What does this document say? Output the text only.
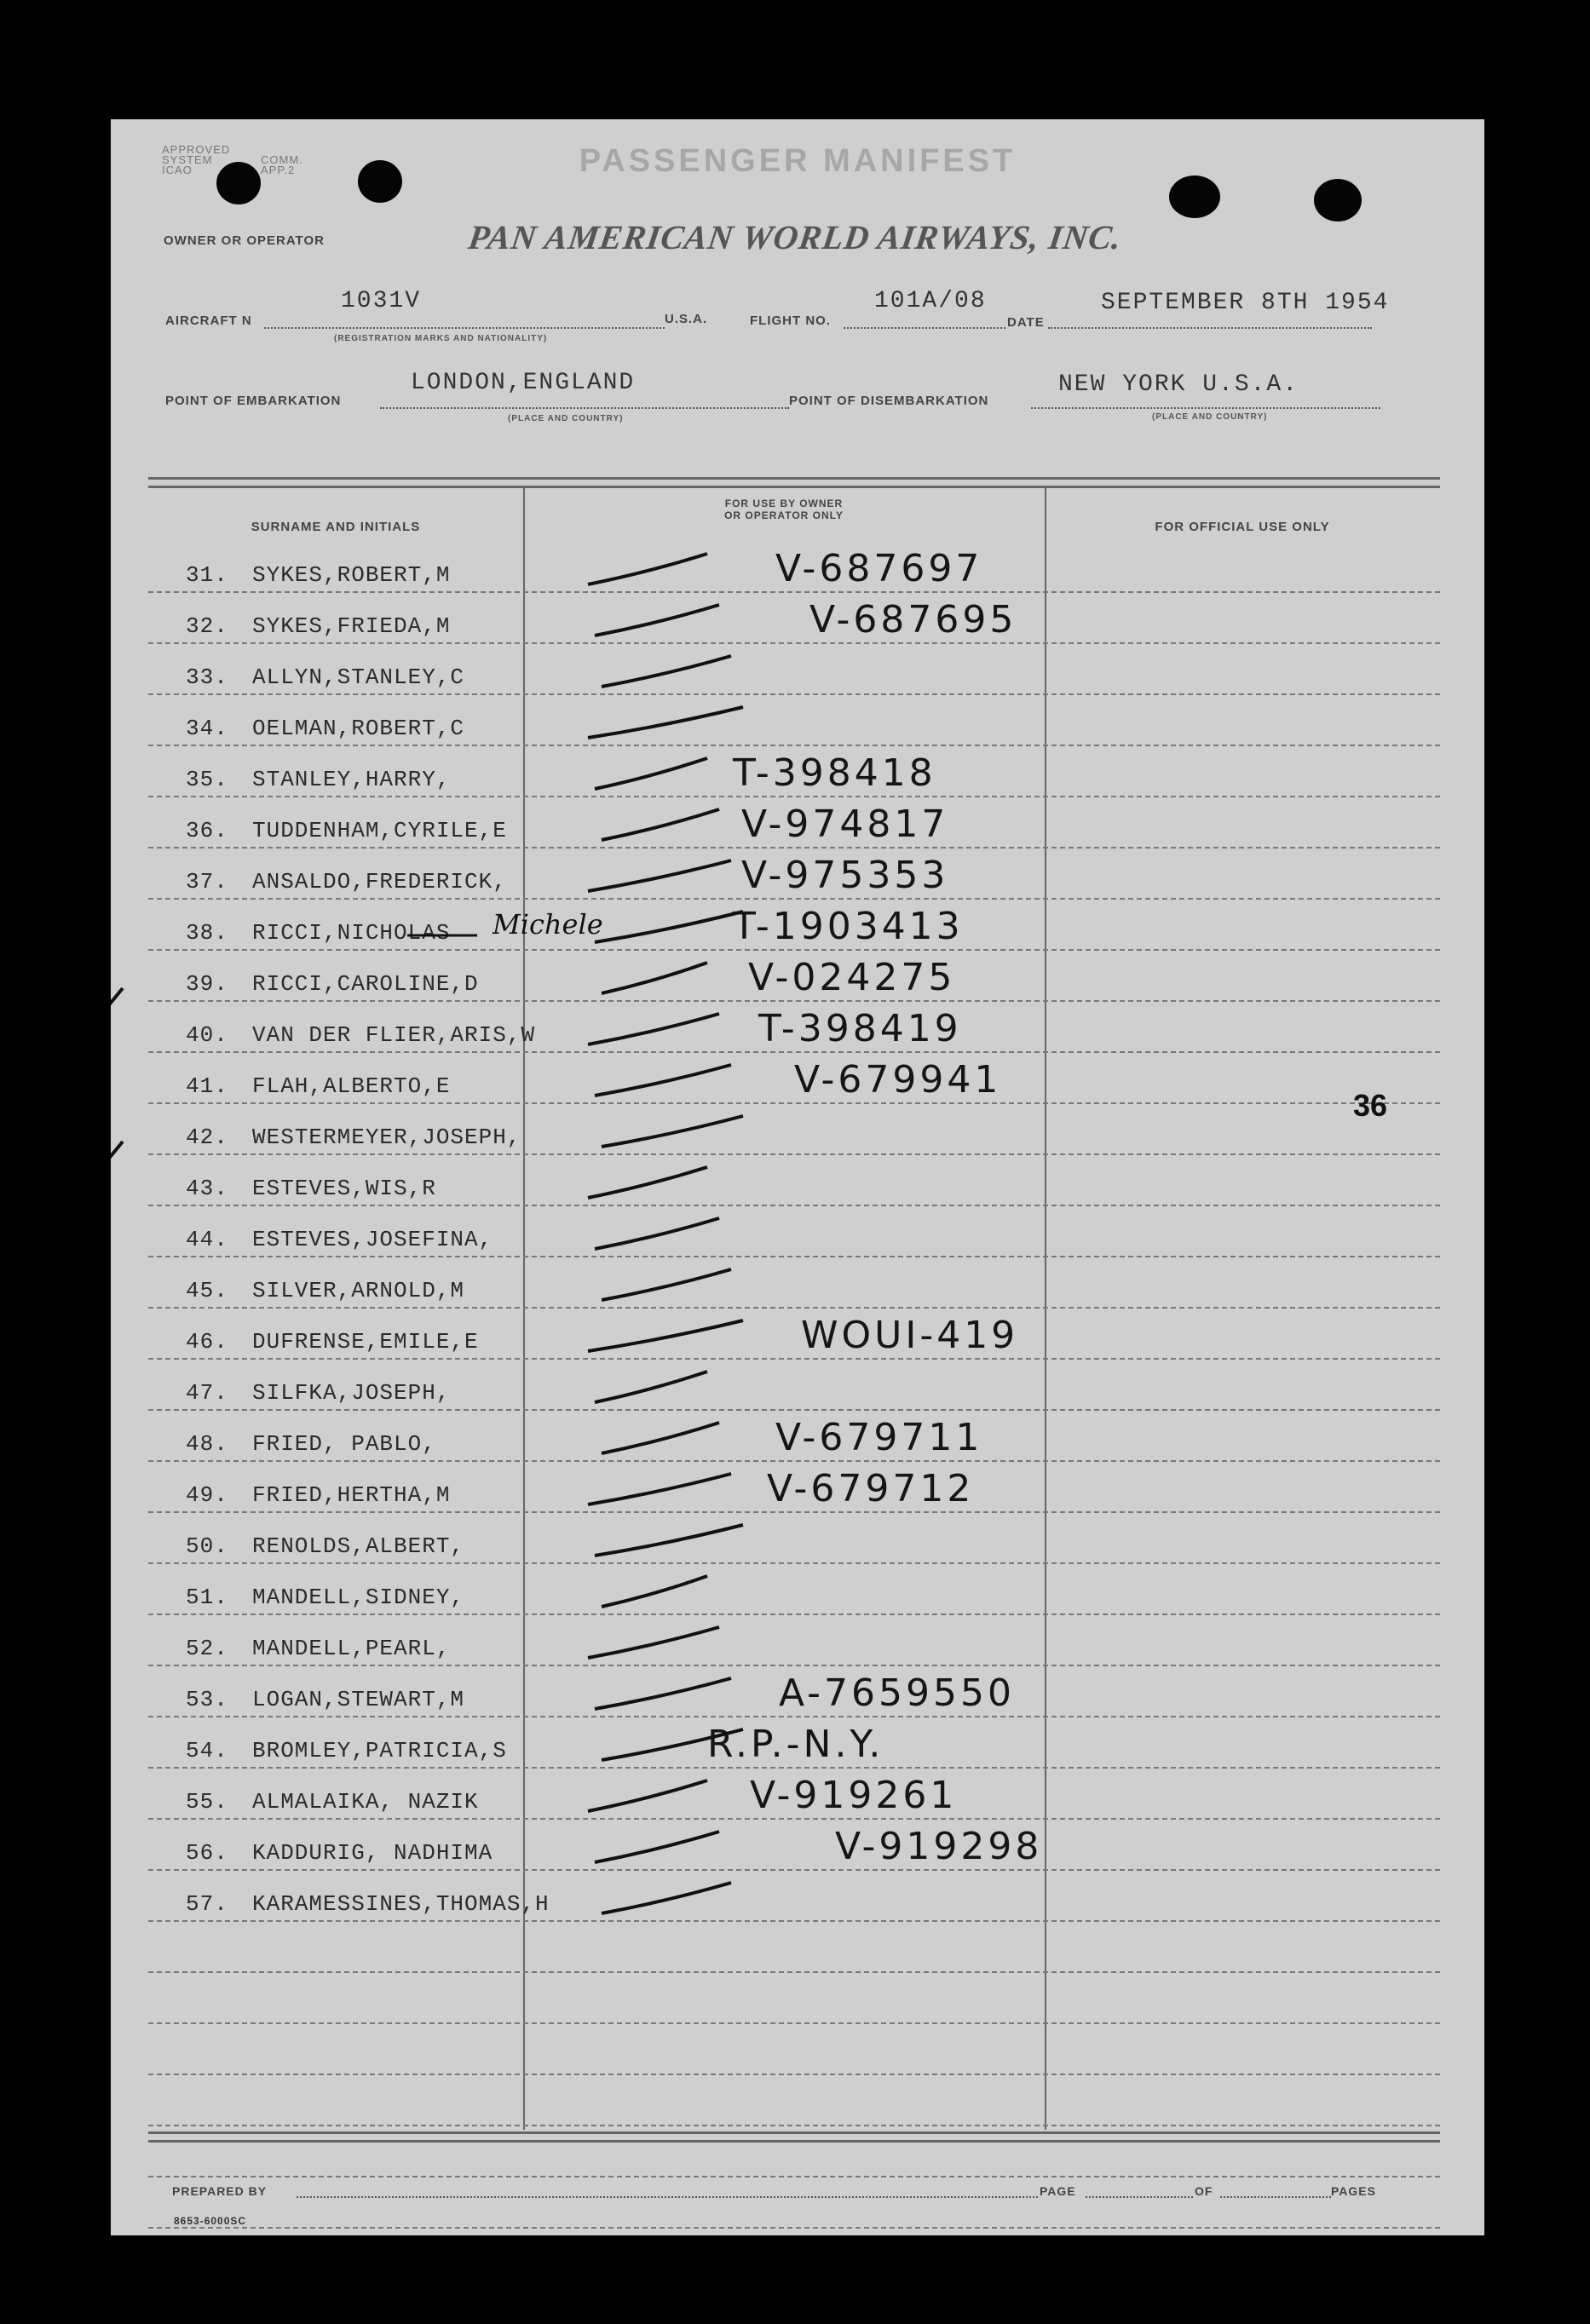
APPROVED
SYSTEM
ICAO
COMM.
APP.2	PASSENGER MANIFEST
OWNER OR OPERATOR	PAN AMERICAN WORLD AIRWAYS, INC.
AIRCRAFT N
1031V
(REGISTRATION MARKS AND NATIONALITY)
U.S.A.	FLIGHT NO.
101A/08
DATE
SEPTEMBER 8TH 1954
POINT OF EMBARKATION
LONDON,ENGLAND
(PLACE AND COUNTRY)
POINT OF DISEMBARKATION
NEW YORK U.S.A.
(PLACE AND COUNTRY)
SURNAME AND INITIALS
FOR USE BY OWNER
OR OPERATOR ONLY
FOR OFFICIAL USE ONLY
31. SYKES,ROBERT,M	V-687697
32. SYKES,FRIEDA,M	V-687695
33. ALLYN,STANLEY,C
34. OELMAN,ROBERT,C
35. STANLEY,HARRY,	T-398418
36. TUDDENHAM,CYRILE,E	V-974817
37. ANSALDO,FREDERICK,	V-975353
38. RICCI,NICHOLAS	T-1903413
39. RICCI,CAROLINE,D	V-024275
40. VAN DER FLIER,ARIS,W	T-398419
41. FLAH,ALBERTO,E	V-679941
42. WESTERMEYER,JOSEPH,
43. ESTEVES,WIS,R
44. ESTEVES,JOSEFINA,
45. SILVER,ARNOLD,M
46. DUFRENSE,EMILE,E	WOUI-419
47. SILFKA,JOSEPH,
48. FRIED, PABLO,	V-679711
49. FRIED,HERTHA,M	V-679712
50. RENOLDS,ALBERT,
51. MANDELL,SIDNEY,
52. MANDELL,PEARL,
53. LOGAN,STEWART,M	A-7659550
54. BROMLEY,PATRICIA,S	R.P.-N.Y.
55. ALMALAIKA, NAZIK	V-919261
56. KADDURIG, NADHIMA	V-919298
57. KARAMESSINES,THOMAS,H
36
Michele
PREPARED BY	PAGE	OF	PAGES
8653-6000SC
